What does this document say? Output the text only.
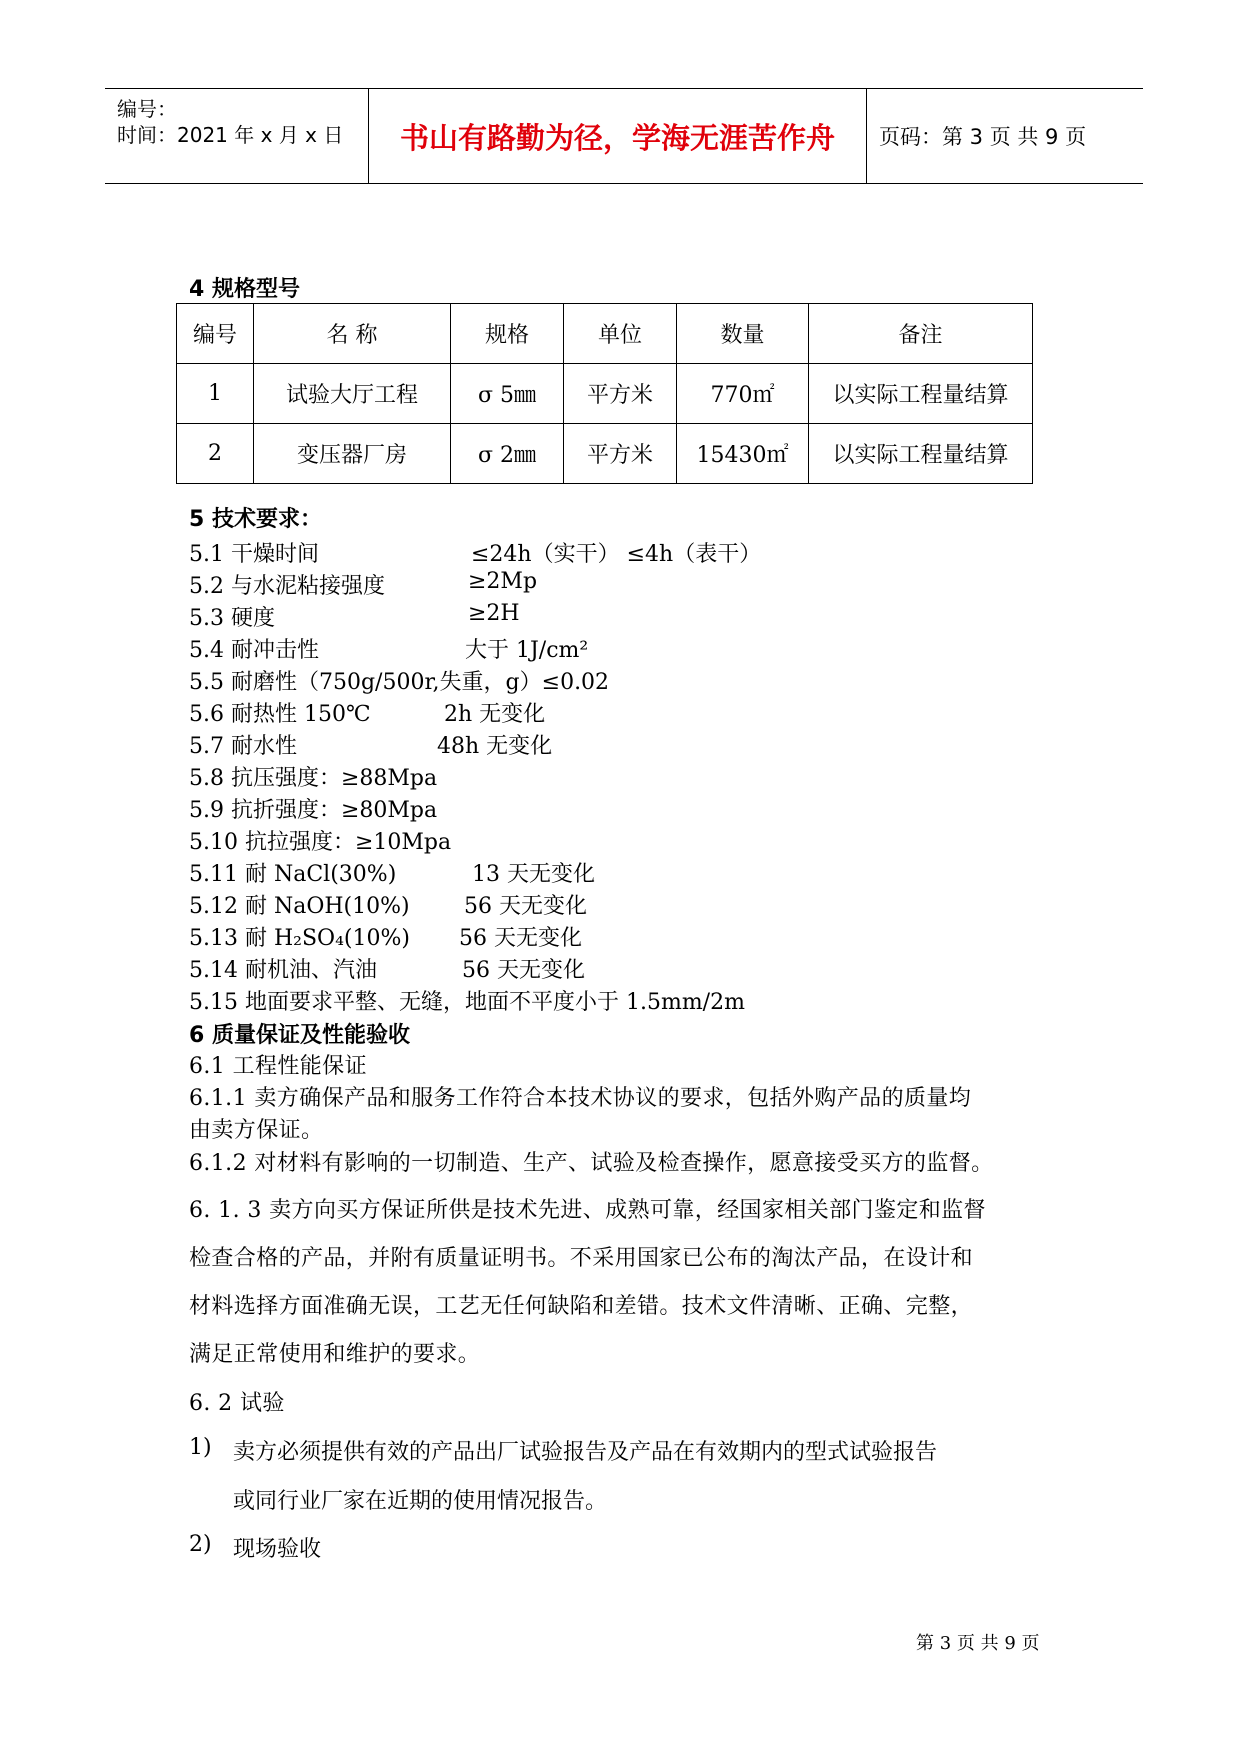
编号：
时间：2021 年 x 月 x 日	书山有路勤为径，学海无涯苦作舟	页码：第 3 页 共 9 页
4 规格型号
编号	名 称	规格	单位	数量	备注
1	试验大厅工程	σ 5㎜	平方米	770㎡	以实际工程量结算
2	变压器厂房	σ 2㎜	平方米	15430㎡	以实际工程量结算
5 技术要求：
5.1 干燥时间	≤24h（实干） ≤4h（表干）
5.2 与水泥粘接强度	≥2Mp
5.3 硬度	≥2H
5.4 耐冲击性	大于 1J/cm²
5.5 耐磨性（750g/500r,失重，g）≤0.02
5.6 耐热性 150℃	2h 无变化
5.7 耐水性	48h 无变化
5.8 抗压强度：≥88Mpa
5.9 抗折强度：≥80Mpa
5.10 抗拉强度：≥10Mpa
5.11 耐 NaCl(30%)	13 天无变化
5.12 耐 NaOH(10%) 56 天无变化
5.13 耐 H₂SO₄(10%) 56 天无变化
5.14 耐机油、汽油	56 天无变化
5.15 地面要求平整、无缝，地面不平度小于 1.5mm/2m
6 质量保证及性能验收
6.1 工程性能保证
6.1.1 卖方确保产品和服务工作符合本技术协议的要求，包括外购产品的质量均
由卖方保证。
6.1.2 对材料有影响的一切制造、生产、试验及检查操作，愿意接受买方的监督。
6. 1. 3 卖方向买方保证所供是技术先进、成熟可靠，经国家相关部门鉴定和监督
检查合格的产品，并附有质量证明书。不采用国家已公布的淘汰产品，在设计和
材料选择方面准确无误，工艺无任何缺陷和差错。技术文件清晰、正确、完整，
满足正常使用和维护的要求。
6. 2 试验
1) 卖方必须提供有效的产品出厂试验报告及产品在有效期内的型式试验报告
或同行业厂家在近期的使用情况报告。
2) 现场验收
第 3 页 共 9 页
